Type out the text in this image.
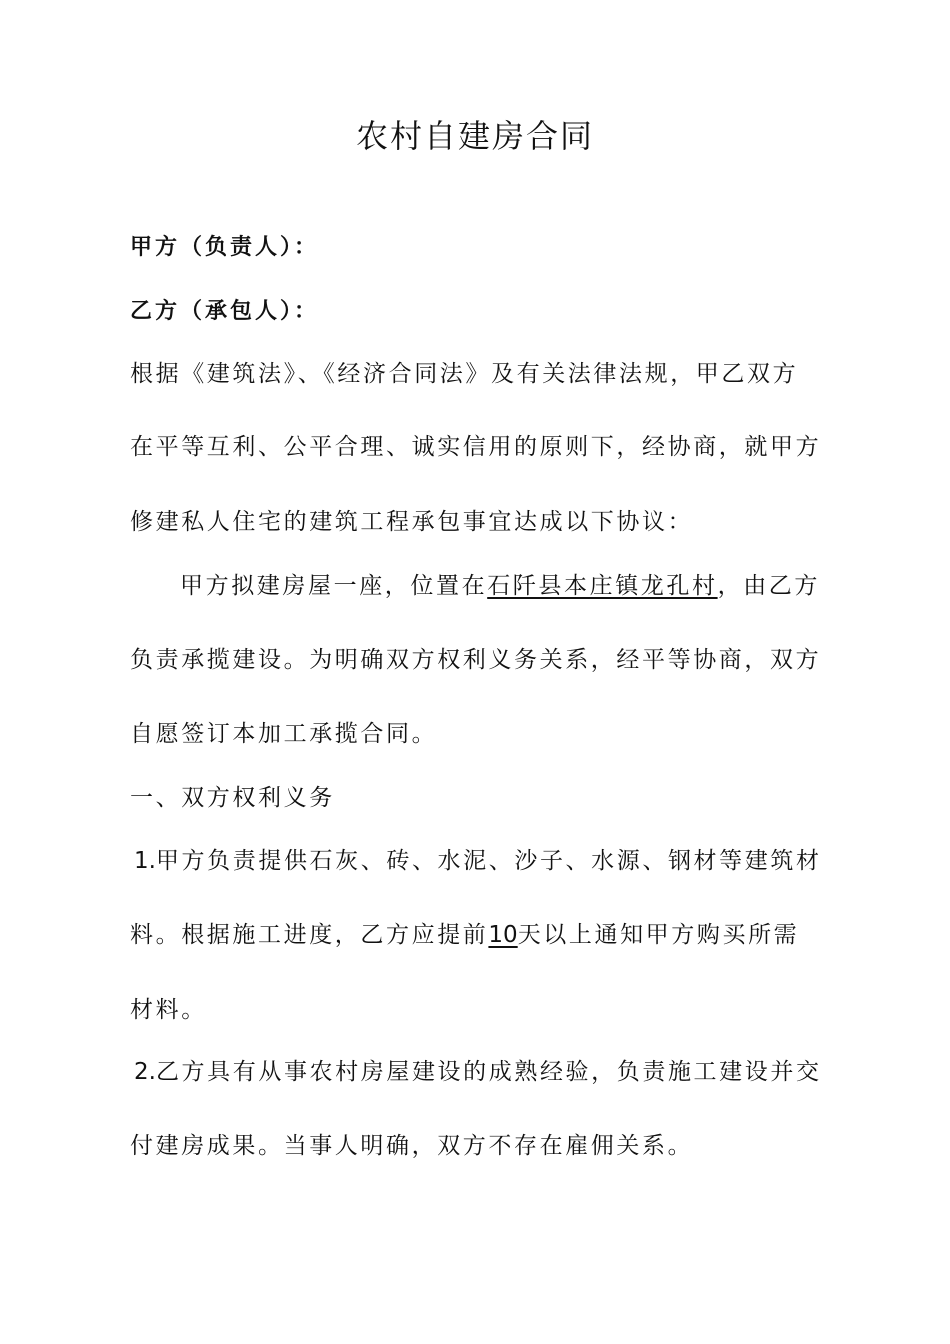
农村自建房合同
甲方（负责人）：
乙方（承包人）：
根据《建筑法》、《经济合同法》及有关法律法规，甲乙双方
在平等互利、公平合理、诚实信用的原则下，经协商，就甲方
修建私人住宅的建筑工程承包事宜达成以下协议：
甲方拟建房屋一座，位置在石阡县本庄镇龙孔村，由乙方
负责承揽建设。为明确双方权利义务关系，经平等协商，双方
自愿签订本加工承揽合同。
一、双方权利义务
1.甲方负责提供石灰、砖、水泥、沙子、水源、钢材等建筑材
料。根据施工进度，乙方应提前10天以上通知甲方购买所需
材料。
2.乙方具有从事农村房屋建设的成熟经验，负责施工建设并交
付建房成果。当事人明确，双方不存在雇佣关系。
